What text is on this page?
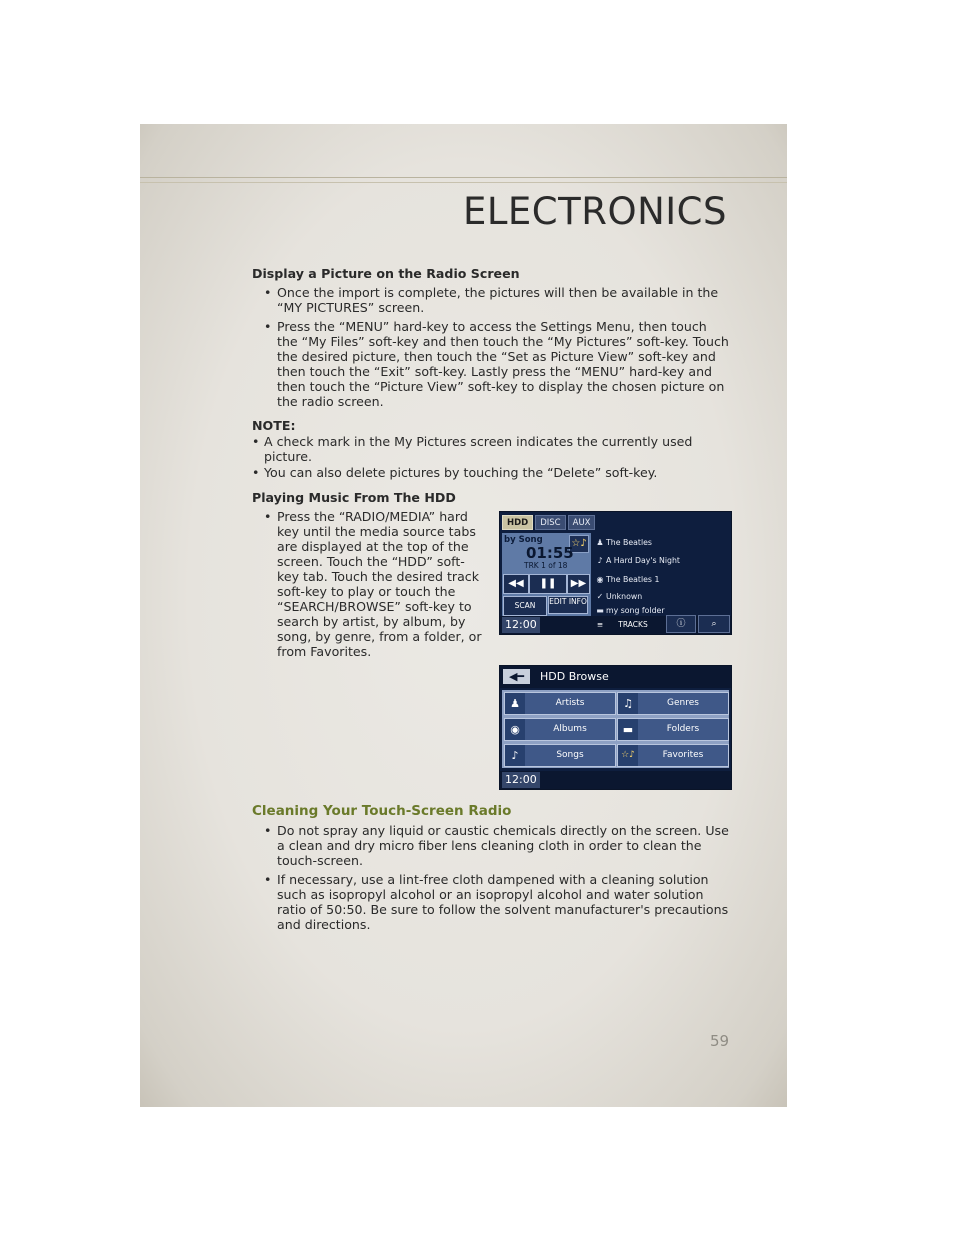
ELECTRONICS

Display a Picture on the Radio Screen

• Once the import is complete, the pictures will then be available in the “MY PICTURES” screen.
• Press the “MENU” hard-key to access the Settings Menu, then touch the “My Files” soft-key and then touch the “My Pictures” soft-key. Touch the desired picture, then touch the “Set as Picture View” soft-key and then touch the “Exit” soft-key. Lastly press the “MENU” hard-key and then touch the “Picture View” soft-key to display the chosen picture on the radio screen.

NOTE:

• A check mark in the My Pictures screen indicates the currently used picture.
• You can also delete pictures by touching the “Delete” soft-key.

Playing Music From The HDD

• Press the “RADIO/MEDIA” hard key until the media source tabs are displayed at the top of the screen. Touch the “HDD” soft-key tab. Touch the desired track soft-key to play or touch the “SEARCH/BROWSE” soft-key to search by artist, by album, by song, by genre, from a folder, or from Favorites.

Cleaning Your Touch-Screen Radio

• Do not spray any liquid or caustic chemicals directly on the screen. Use a clean and dry micro fiber lens cleaning cloth in order to clean the touch-screen.
• If necessary, use a lint-free cloth dampened with a cleaning solution such as isopropyl alcohol or an isopropyl alcohol and water solution ratio of 50:50. Be sure to follow the solvent manufacturer's precautions and directions.
HDD	DISC	AUX
by Song	☆♪
01:55
TRK 1 of 18
◀◀	❚❚	▶▶
SCAN	EDIT INFO
♟ The Beatles
♪ A Hard Day's Night
◉ The Beatles 1
✓ Unknown
▬ my song folder
12:00	≡	TRACKS	ⓘ	⌕
◀━	HDD Browse
♟	Artists	♫	Genres
◉	Albums	▬	Folders
♪	Songs	☆♪	Favorites
12:00
59
